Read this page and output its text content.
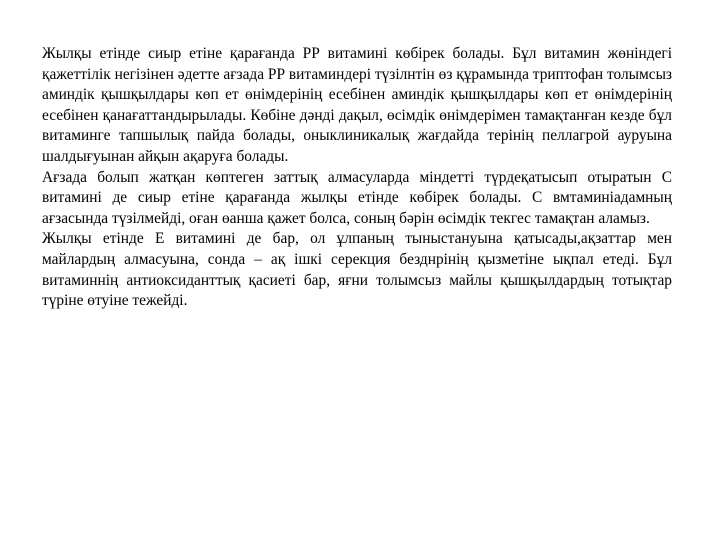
Жылқы етінде сиыр етіне қарағанда РР витамині көбірек болады. Бұл витамин жөніндегі қажеттілік негізінен әдетте ағзада РР витаминдері түзілнтін өз құрамында триптофан толымсыз аминдік қышқылдары көп ет өнімдерінің есебінен аминдік қышқылдары көп ет өнімдерінің есебінен қанағаттандырылады. Көбіне дәнді дақыл, өсімдік өнімдерімен тамақтанған кезде бұл витаминге тапшылық пайда болады, оныклиникалық жағдайда терінің пеллагрой ауруына шалдығуынан айқын ақаруға болады.

Ағзада болып жатқан көптеген заттық алмасуларда міндетті түрдеқатысып отыратын С витамині де сиыр етіне қарағанда жылқы етінде көбірек болады. С вмтаминіадамның ағзасында түзілмейді, оған өанша қажет болса, соның бәрін өсімдік текгес тамақтан аламыз.

Жылқы етінде Е витамині де бар, ол ұлпаның тыныстануына қатысады,ақзаттар мен майлардың алмасуына, сонда – ақ ішкі серекция безднрінің қызметіне ықпал етеді. Бұл витаминнің антиоксиданттық қасиеті бар, яғни толымсыз майлы қышқылдардың тотықтар түріне өтуіне тежейді.
